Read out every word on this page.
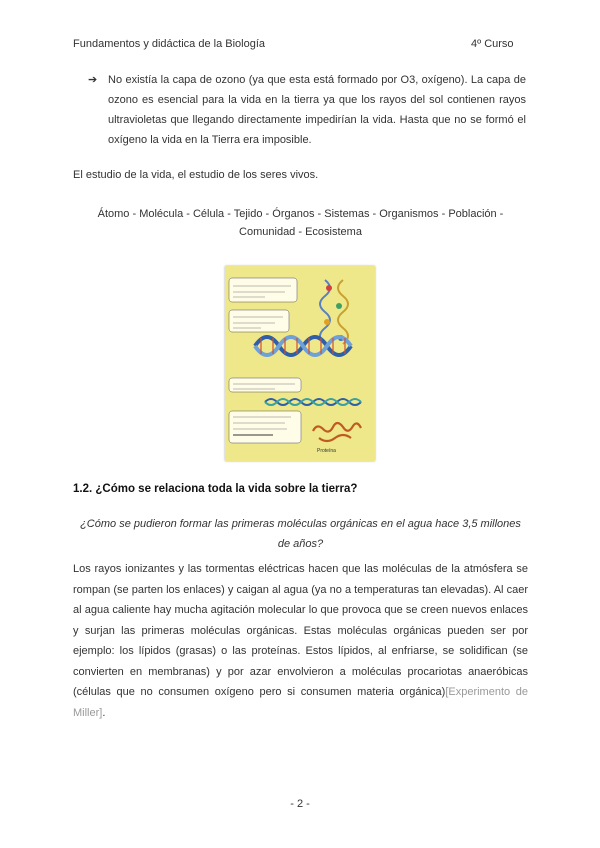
Fundamentos y didáctica de la Biología	4º Curso
➔ No existía la capa de ozono (ya que esta está formado por O3, oxígeno). La capa de ozono es esencial para la vida en la tierra ya que los rayos del sol contienen rayos ultravioletas que llegando directamente impedirían la vida. Hasta que no se formó el oxígeno la vida en la Tierra era imposible.
El estudio de la vida, el estudio de los seres vivos.
Átomo - Molécula - Célula - Tejido - Órganos - Sistemas - Organismos - Población -
Comunidad - Ecosistema
Proteína
1.2. ¿Cómo se relaciona toda la vida sobre la tierra?
¿Cómo se pudieron formar las primeras moléculas orgánicas en el agua hace 3,5 millones de años?
Los rayos ionizantes y las tormentas eléctricas hacen que las moléculas de la atmósfera se rompan (se parten los enlaces) y caigan al agua (ya no a temperaturas tan elevadas). Al caer al agua caliente hay mucha agitación molecular lo que provoca que se creen nuevos enlaces y surjan las primeras moléculas orgánicas. Estas moléculas orgánicas pueden ser por ejemplo: los lípidos (grasas) o las proteínas. Estos lípidos, al enfriarse, se solidifican (se convierten en membranas) y por azar envolvieron a moléculas procariotas anaeróbicas (células que no consumen oxígeno pero si consumen materia orgánica)[Experimento de Miller].
- 2 -
